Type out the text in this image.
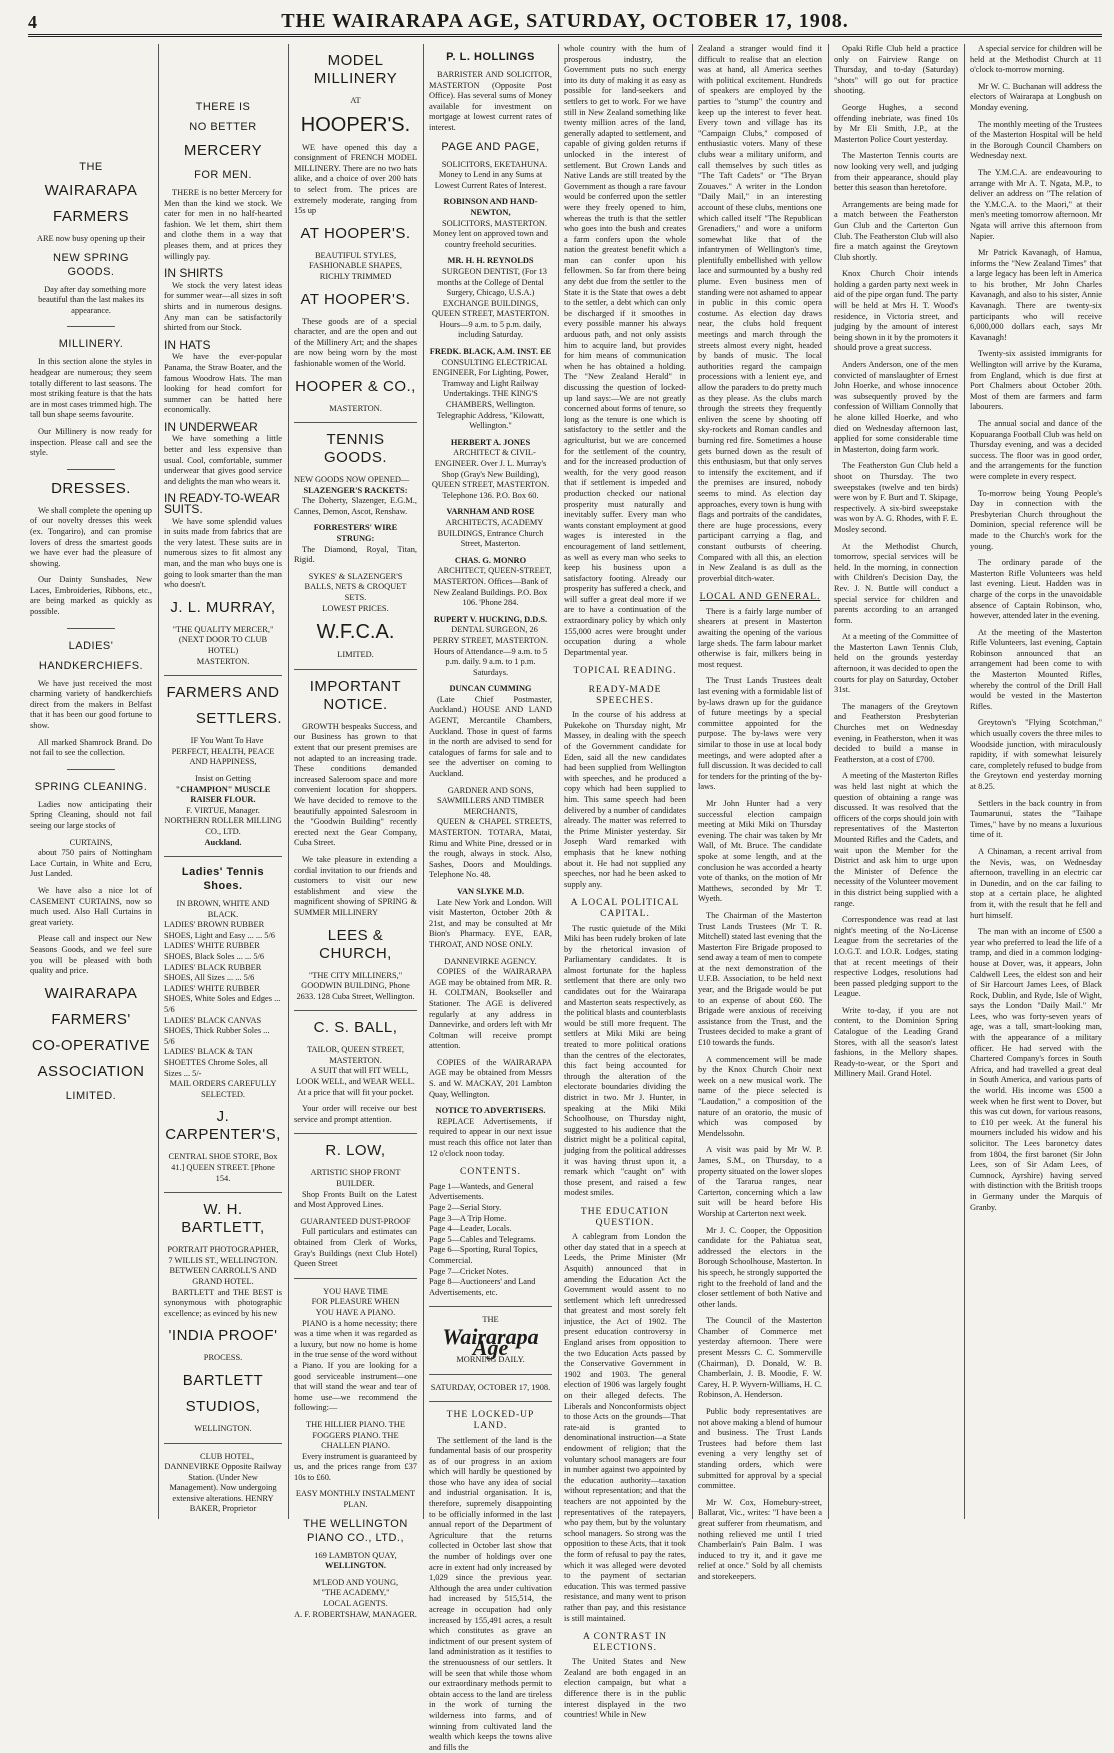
4	THE WAIRARAPA AGE, SATURDAY, OCTOBER 17, 1908.
THE
WAIRARAPA
FARMERS

ARE now busy opening up their

NEW SPRING GOODS.

Day after day something more beautiful than the last makes its appearance.

MILLINERY.

In this section alone the styles in headgear are numerous; they seem totally different to last seasons. The most striking feature is that the hats are in most cases trimmed high. The tall bun shape seems favourite.

Our Millinery is now ready for inspection. Please call and see the style.

DRESSES.

We shall complete the opening up of our novelty dresses this week (ex. Tongariro), and can promise lovers of dress the smartest goods we have ever had the pleasure of showing.

Our Dainty Sunshades, New Laces, Embroideries, Ribbons, etc., are being marked as quickly as possible.

LADIES'
HANDKERCHIEFS.

We have just received the most charming variety of handkerchiefs direct from the makers in Belfast that it has been our good fortune to show.

All marked Shamrock Brand. Do not fail to see the collection.

SPRING CLEANING.

Ladies now anticipating their Spring Cleaning, should not fail seeing our large stocks of

CURTAINS,

about 750 pairs of Nottingham Lace Curtain, in White and Ecru, Just Landed.

We have also a nice lot of CASEMENT CURTAINS, now so much used. Also Hall Curtains in great variety.

Please call and inspect our New Seasons Goods, and we feel sure you will be pleased with both quality and price.

WAIRARAPA
FARMERS'
CO-OPERATIVE
ASSOCIATION
LIMITED.
THERE IS
NO BETTER
MERCERY
FOR MEN.

THERE is no better Mercery for Men than the kind we stock. We cater for men in no half-hearted fashion. We let them, shirt them and clothe them in a way that pleases them, and at prices they willingly pay.

IN SHIRTS

We stock the very latest ideas for summer wear—all sizes in soft shirts and in numerous designs. Any man can be satisfactorily shirted from our Stock.

IN HATS

We have the ever-popular Panama, the Straw Boater, and the famous Woodrow Hats. The man looking for head comfort for summer can be hatted here economically.

IN UNDERWEAR

We have something a little better and less expensive than usual. Cool, comfortable, summer underwear that gives good service and delights the man who wears it.

IN READY-TO-WEAR SUITS.

We have some splendid values in suits made from fabrics that are the very latest. These suits are in numerous sizes to fit almost any man, and the man who buys one is going to look smarter than the man who doesn't.

J. L. MURRAY,
"THE QUALITY MERCER,"
(NEXT DOOR TO CLUB HOTEL)
MASTERTON.
FARMERS AND
SETTLERS.

IF You Want To Have PERFECT, HEALTH, PEACE AND HAPPINESS,

Insist on Getting
"CHAMPION" MUSCLE RAISER FLOUR.
F. VIRTUE, Manager.
NORTHERN ROLLER MILLING CO., LTD.
Auckland.
Ladies' Tennis Shoes.
IN BROWN, WHITE AND BLACK.
LADIES' BROWN RUBBER SHOES, Light and Easy ... ... 5/6
LADIES' WHITE RUBBER SHOES, Black Soles ... ... 5/6
LADIES' BLACK RUBBER SHOES, All Sizes ... ... 5/6
LADIES' WHITE RUBBER SHOES, White Soles and Edges ... 5/6
LADIES' BLACK CANVAS SHOES, Thick Rubber Soles ... 5/6
LADIES' BLACK & TAN SHOETTES Chrome Soles, all Sizes ... 5/-
MAIL ORDERS CAREFULLY SELECTED.
J. CARPENTER'S,
CENTRAL SHOE STORE, Box 41.] QUEEN STREET. [Phone 154.
W. H. BARTLETT,
PORTRAIT PHOTOGRAPHER,
7 WILLIS ST., WELLINGTON. BETWEEN CARROLL'S AND GRAND HOTEL.

BARTLETT and THE BEST is synonymous with photographic excellence; as evinced by his new

'INDIA PROOF'
PROCESS.
BARTLETT
STUDIOS,
WELLINGTON.

CLUB HOTEL, DANNEVIRKE Opposite Railway Station. (Under New Management). Now undergoing extensive alterations. HENRY BAKER, Proprietor

MODEL MILLINERY
AT
HOOPER'S.

WE have opened this day a consignment of FRENCH MODEL MILLINERY. There are no two hats alike, and a choice of over 200 hats to select from. The prices are extremely moderate, ranging from 15s up

AT HOOPER'S.
BEAUTIFUL STYLES, FASHIONABLE SHAPES, RICHLY TRIMMED
AT HOOPER'S.

These goods are of a special character, and are the open and out of the Millinery Art; and the shapes are now being worn by the most fashionable women of the World.

HOOPER & CO.,
MASTERTON.
TENNIS GOODS.
NEW GOODS NOW OPENED—
SLAZENGER'S RACKETS:

The Doherty, Slazenger, E.G.M., Cannes, Demon, Ascot, Renshaw.

FORRESTERS' WIRE STRUNG:

The Diamond, Royal, Titan, Rigid.

SYKES' & SLAZENGER'S BALLS, NETS & CROQUET SETS.
LOWEST PRICES.
W.F.C.A.
LIMITED.
IMPORTANT NOTICE.

GROWTH bespeaks Success, and our Business has grown to that extent that our present premises are not adapted to an increasing trade. These conditions demanded increased Saleroom space and more convenient location for shoppers. We have decided to remove to the beautifully appointed Salesroom in the "Goodwin Building" recently erected next the Gear Company, Cuba Street.

We take pleasure in extending a cordial invitation to our friends and customers to visit our new establishment and view the magnificent showing of SPRING & SUMMER MILLINERY

LEES & CHURCH,
"THE CITY MILLINERS,"
GOODWIN BUILDING, Phone 2633. 128 Cuba Street, Wellington.
C. S. BALL,
TAILOR, QUEEN STREET, MASTERTON.

A SUIT that will FIT WELL, LOOK WELL, and WEAR WELL. At a price that will fit your pocket.

Your order will receive our best service and prompt attention.

R. LOW,
ARTISTIC SHOP FRONT BUILDER.

Shop Fronts Built on the Latest and Most Approved Lines.

GUARANTEED DUST-PROOF

Full particulars and estimates can obtained from Clerk of Works, Gray's Buildings (next Club Hotel) Queen Street

YOU HAVE TIME
FOR PLEASURE WHEN
YOU HAVE A PIANO.

PIANO is a home necessity; there was a time when it was regarded as a luxury, but now no home is home in the true sense of the word without a Piano. If you are looking for a good serviceable instrument—one that will stand the wear and tear of home use—we recommend the following:—

THE HILLIER PIANO. THE FOGGERS PIANO. THE CHALLEN PIANO.

Every instrument is guaranteed by us, and the prices range from £37 10s to £60.

EASY MONTHLY INSTALMENT PLAN.
THE WELLINGTON PIANO CO., LTD.,
169 LAMBTON QUAY,
WELLINGTON.
M'LEOD AND YOUNG,
"THE ACADEMY,"
LOCAL AGENTS.
A. F. ROBERTSHAW, MANAGER.
P. L. HOLLINGS

BARRISTER AND SOLICITOR, MASTERTON (Opposite Post Office). Has several sums of Money available for investment on mortgage at lowest current rates of interest.

PAGE AND PAGE,

SOLICITORS, EKETAHUNA. Money to Lend in any Sums at Lowest Current Rates of Interest.

ROBINSON AND HAND-NEWTON,

SOLICITORS, MASTERTON. Money lent on approved town and country freehold securities.

MR. H. H. REYNOLDS

SURGEON DENTIST, (For 13 months at the College of Dental Surgery, Chicago, U.S.A.) EXCHANGE BUILDINGS, QUEEN STREET, MASTERTON. Hours—9 a.m. to 5 p.m. daily, including Saturday.

FREDK. BLACK, A.M. INST. EE

CONSULTING ELECTRICAL ENGINEER, For Lighting, Power, Tramway and Light Railway Undertakings. THE KING'S CHAMBERS, Wellington. Telegraphic Address, "Kilowatt, Wellington."

HERBERT A. JONES

ARCHITECT & CIVIL-ENGINEER. Over J. L. Murray's Shop (Gray's New Building), QUEEN STREET, MASTERTON. Telephone 136. P.O. Box 60.

VARNHAM AND ROSE

ARCHITECTS, ACADEMY BUILDINGS, Entrance Church Street, Masterton.

CHAS. G. MONRO

ARCHITECT, QUEEN-STREET, MASTERTON. Offices—Bank of New Zealand Buildings. P.O. Box 106. 'Phone 284.

RUPERT V. HUCKING, D.D.S.

DENTAL SURGEON, 26 PERRY STREET, MASTERTON. Hours of Attendance—9 a.m. to 5 p.m. daily. 9 a.m. to 1 p.m. Saturdays.

DUNCAN CUMMING

(Late Chief Postmaster, Auckland.) HOUSE AND LAND AGENT, Mercantile Chambers, Auckland. Those in quest of farms in the north are advised to send for catalogues of farms for sale and to see the advertiser on coming to Auckland.

GARDNER AND SONS, SAWMILLERS AND TIMBER MERCHANTS,

QUEEN & CHAPEL STREETS, MASTERTON. TOTARA, Matai, Rimu and White Pine, dressed or in the rough, always in stock. Also, Sashes, Doors and Mouldings. Telephone No. 48.

VAN SLYKE M.D.

Late New York and London. Will visit Masterton, October 20th & 21st, and may be consulted at Mr Bion's Pharmacy. EYE, EAR, THROAT, AND NOSE ONLY.

DANNEVIRKE AGENCY.

COPIES of the WAIRARAPA AGE may be obtained from MR. R. H. COLTMAN, Bookseller and Stationer. The AGE is delivered regularly at any address in Dannevirke, and orders left with Mr Coltman will receive prompt attention.

COPIES of the WAIRARAPA AGE may be obtained from Messrs S. and W. MACKAY, 201 Lambton Quay, Wellington.

NOTICE TO ADVERTISERS.

REPLACE Advertisements, if required to appear in our next issue must reach this office not later than 12 o'clock noon today.

CONTENTS.
Page 1—Wanteds, and General Advertisements.
Page 2—Serial Story.
Page 3—A Trip Home.
Page 4—Leader, Locals.
Page 5—Cables and Telegrams.
Page 6—Sporting, Rural Topics, Commercial.
Page 7—Cricket Notes.
Page 8—Auctioneers' and Land Advertisements, etc.
THE
Wairarapa Age
MORNING DAILY.
SATURDAY, OCTOBER 17, 1908.
THE LOCKED-UP LAND.

The settlement of the land is the fundamental basis of our prosperity as of our progress in an axiom which will hardly be questioned by those who have any idea of social and industrial organisation. It is, therefore, supremely disappointing to be officially informed in the last annual report of the Department of Agriculture that the returns collected in October last show that the number of holdings over one acre in extent had only increased by 1,029 since the previous year. Although the area under cultivation had increased by 515,514, the acreage in occupation had only increased by 155,491 acres, a result which constitutes as grave an indictment of our present system of land administration as it testifies to the strenuousness of our settlers. It will be seen that while those whom our extraordinary methods permit to obtain access to the land are tireless in the work of turning the wilderness into farms, and of winning from cultivated land the wealth which keeps the towns alive and fills the

whole country with the hum of prosperous industry, the Government puts no such energy into its duty of making it as easy as possible for land-seekers and settlers to get to work. For we have still in New Zealand something like twenty million acres of the land, generally adapted to settlement, and capable of giving golden returns if unlocked in the interest of settlement. But Crown Lands and Native Lands are still treated by the Government as though a rare favour would be conferred upon the settler were they freely opened to him, whereas the truth is that the settler who goes into the bush and creates a farm confers upon the whole nation the greatest benefit which a man can confer upon his fellowmen. So far from there being any debt due from the settler to the State it is the State that owes a debt to the settler, a debt which can only be discharged if it smoothes in every possible manner his always arduous path, and not only assists him to acquire land, but provides for him means of communication when he has obtained a holding. The "New Zealand Herald" in discussing the question of locked-up land says:—We are not greatly concerned about forms of tenure, so long as the tenure is one which is satisfactory to the settler and the agriculturist, but we are concerned for the settlement of the country, and for the increased production of wealth, for the very good reason that if settlement is impeded and production checked our national prosperity must naturally and inevitably suffer. Every man who wants constant employment at good wages is interested in the encouragement of land settlement, as well as every man who seeks to keep his business upon a satisfactory footing. Already our prosperity has suffered a check, and will suffer a great deal more if we are to have a continuation of the extraordinary policy by which only 155,000 acres were brought under occupation during a whole Departmental year.

TOPICAL READING.
READY-MADE SPEECHES.

In the course of his address at Pukekohe on Thursday night, Mr Massey, in dealing with the speech of the Government candidate for Eden, said all the new candidates had been supplied from Wellington with speeches, and he produced a copy which had been supplied to him. This same speech had been delivered by a number of candidates already. The matter was referred to the Prime Minister yesterday. Sir Joseph Ward remarked with emphasis that he knew nothing about it. He had not supplied any speeches, nor had he been asked to supply any.

A LOCAL POLITICAL CAPITAL.

The rustic quietude of the Miki Miki has been rudely broken of late by the rhetorical invasion of Parliamentary candidates. It is almost fortunate for the hapless settlement that there are only two candidates out for the Wairarapa and Masterton seats respectively, as the political blasts and counterblasts would be still more frequent. The settlers at Miki Miki are being treated to more political orations than the centres of the electorates, this fact being accounted for through the alteration of the electorate boundaries dividing the district in two. Mr J. Hunter, in speaking at the Miki Miki Schoolhouse, on Thursday night, suggested to his audience that the district might be a political capital, judging from the political addresses it was having thrust upon it, a remark which "caught on" with those present, and raised a few modest smiles.

THE EDUCATION QUESTION.

A cablegram from London the other day stated that in a speech at Leeds, the Prime Minister (Mr Asquith) announced that in amending the Education Act the Government would assent to no settlement which left unredressed that greatest and most sorely felt injustice, the Act of 1902. The present education controversy in England arises from opposition to the two Education Acts passed by the Conservative Government in 1902 and 1903. The general election of 1906 was largely fought on their alleged defects. The Liberals and Nonconformists object to those Acts on the grounds—That rate-aid is granted to denominational instruction—a State endowment of religion; that the voluntary school managers are four in number against two appointed by the education authority—taxation without representation; and that the teachers are not appointed by the representatives of the ratepayers, who pay them, but by the voluntary school managers. So strong was the opposition to these Acts, that it took the form of refusal to pay the rates, which it was alleged were devoted to the payment of sectarian education. This was termed passive resistance, and many went to prison rather than pay, and this resistance is still maintained.

A CONTRAST IN ELECTIONS.

The United States and New Zealand are both engaged in an election campaign, but what a difference there is in the public interest displayed in the two countries! While in New

Zealand a stranger would find it difficult to realise that an election was at hand, all America seethes with political excitement. Hundreds of speakers are employed by the parties to "stump" the country and keep up the interest to fever heat. Every town and village has its "Campaign Clubs," composed of enthusiastic voters. Many of these clubs wear a military uniform, and call themselves by such titles as "The Taft Cadets" or "The Bryan Zouaves." A writer in the London "Daily Mail," in an interesting account of these clubs, mentions one which called itself "The Republican Grenadiers," and wore a uniform somewhat like that of the infantrymen of Wellington's time, plentifully embellished with yellow lace and surmounted by a bushy red plume. Even business men of standing were not ashamed to appear in public in this comic opera costume. As election day draws near, the clubs hold frequent meetings and march through the streets almost every night, headed by bands of music. The local authorities regard the campaign processions with a lenient eye, and allow the paraders to do pretty much as they please. As the clubs march through the streets they frequently enliven the scene by shooting off sky-rockets and Roman candles and burning red fire. Sometimes a house gets burned down as the result of this enthusiasm, but that only serves to intensify the excitement, and if the premises are insured, nobody seems to mind. As election day approaches, every town is hung with flags and portraits of the candidates, there are huge processions, every participant carrying a flag, and constant outbursts of cheering. Compared with all this, an election in New Zealand is as dull as the proverbial ditch-water.

LOCAL AND GENERAL.

There is a fairly large number of shearers at present in Masterton awaiting the opening of the various large sheds. The farm labour market otherwise is fair, milkers being in most request.

The Trust Lands Trustees dealt last evening with a formidable list of by-laws drawn up for the guidance of future meetings by a special committee appointed for the purpose. The by-laws were very similar to those in use at local body meetings, and were adopted after a full discussion. It was decided to call for tenders for the printing of the by-laws.

Mr John Hunter had a very successful election campaign meeting at Miki Miki on Thursday evening. The chair was taken by Mr Wall, of Mt. Bruce. The candidate spoke at some length, and at the conclusion he was accorded a hearty vote of thanks, on the motion of Mr Matthews, seconded by Mr T. Wyeth.

The Chairman of the Masterton Trust Lands Trustees (Mr T. R. Mitchell) stated last evening that the Masterton Fire Brigade proposed to send away a team of men to compete at the next demonstration of the U.F.B. Association, to be held next year, and the Brigade would be put to an expense of about £60. The Brigade were anxious of receiving assistance from the Trust, and the Trustees decided to make a grant of £10 towards the funds.

A commencement will be made by the Knox Church Choir next week on a new musical work. The name of the piece selected is "Laudation," a composition of the nature of an oratorio, the music of which was composed by Mendelssohn.

A visit was paid by Mr W. P. James, S.M., on Thursday, to a property situated on the lower slopes of the Tararua ranges, near Carterton, concerning which a law suit will be heard before His Worship at Carterton next week.

Mr J. C. Cooper, the Opposition candidate for the Pahiatua seat, addressed the electors in the Borough Schoolhouse, Masterton. In his speech, he strongly supported the right to the freehold of land and the closer settlement of both Native and other lands.

The Council of the Masterton Chamber of Commerce met yesterday afternoon. There were present Messrs C. C. Sommerville (Chairman), D. Donald, W. B. Chamberlain, J. B. Moodie, F. W. Carey, H. P. Wyvern-Williams, H. C. Robinson, A. Henderson.

Public body representatives are not above making a blend of humour and business. The Trust Lands Trustees had before them last evening a very lengthy set of standing orders, which were submitted for approval by a special committee.

Mr W. Cox, Homebury-street, Ballarat, Vic., writes: "I have been a great sufferer from rheumatism, and nothing relieved me until I tried Chamberlain's Pain Balm. I was induced to try it, and it gave me relief at once." Sold by all chemists and storekeepers.

Opaki Rifle Club held a practice only on Fairview Range on Thursday, and to-day (Saturday) "shots" will go out for practice shooting.

George Hughes, a second offending inebriate, was fined 10s by Mr Eli Smith, J.P., at the Masterton Police Court yesterday.

The Masterton Tennis courts are now looking very well, and judging from their appearance, should play better this season than heretofore.

Arrangements are being made for a match between the Featherston Gun Club and the Carterton Gun Club. The Featherston Club will also fire a match against the Greytown Club shortly.

Knox Church Choir intends holding a garden party next week in aid of the pipe organ fund. The party will be held at Mrs H. T. Wood's residence, in Victoria street, and judging by the amount of interest being shown in it by the promoters it should prove a great success.

Anders Anderson, one of the men convicted of manslaughter of Ernest John Hoerke, and whose innocence was subsequently proved by the confession of William Connolly that he alone killed Hoerke, and who died on Wednesday afternoon last, applied for some considerable time in Masterton, doing farm work.

The Featherston Gun Club held a shoot on Thursday. The two sweepstakes (twelve and ten birds) were won by F. Burt and T. Skipage, respectively. A six-bird sweepstake was won by A. G. Rhodes, with F. E. Mosley second.

At the Methodist Church, tomorrow, special services will be held. In the morning, in connection with Children's Decision Day, the Rev. J. N. Buttle will conduct a special service for children and parents according to an arranged form.

At a meeting of the Committee of the Masterton Lawn Tennis Club, held on the grounds yesterday afternoon, it was decided to open the courts for play on Saturday, October 31st.

The managers of the Greytown and Featherston Presbyterian Churches met on Wednesday evening, in Featherston, when it was decided to build a manse in Featherston, at a cost of £700.

A meeting of the Masterton Rifles was held last night at which the question of obtaining a range was discussed. It was resolved that the officers of the corps should join with representatives of the Masterton Mounted Rifles and the Cadets, and wait upon the Member for the District and ask him to urge upon the Minister of Defence the necessity of the Volunteer movement in this district being supplied with a range.

Correspondence was read at last night's meeting of the No-License League from the secretaries of the I.O.G.T. and I.O.R. Lodges, stating that at recent meetings of their respective Lodges, resolutions had been passed pledging support to the League.

Write to-day, if you are not content, to the Dominion Spring Catalogue of the Leading Grand Stores, with all the season's latest fashions, in the Mellory shapes. Ready-to-wear, or the Sport and Millinery Mail. Grand Hotel.

A special service for children will be held at the Methodist Church at 11 o'clock to-morrow morning.

Mr W. C. Buchanan will address the electors of Wairarapa at Longbush on Monday evening.

The monthly meeting of the Trustees of the Masterton Hospital will be held in the Borough Council Chambers on Wednesday next.

The Y.M.C.A. are endeavouring to arrange with Mr A. T. Ngata, M.P., to deliver an address on "The relation of the Y.M.C.A. to the Maori," at their men's meeting tomorrow afternoon. Mr Ngata will arrive this afternoon from Napier.

Mr Patrick Kavanagh, of Hamua, informs the "New Zealand Times" that a large legacy has been left in America to his brother, Mr John Charles Kavanagh, and also to his sister, Annie Kavanagh. There are twenty-six participants who will receive 6,000,000 dollars each, says Mr Kavanagh!

Twenty-six assisted immigrants for Wellington will arrive by the Kurama, from England, which is due first at Port Chalmers about October 20th. Most of them are farmers and farm labourers.

The annual social and dance of the Kopuaranga Football Club was held on Thursday evening, and was a decided success. The floor was in good order, and the arrangements for the function were complete in every respect.

To-morrow being Young People's Day in connection with the Presbyterian Church throughout the Dominion, special reference will be made to the Church's work for the young.

The ordinary parade of the Masterton Rifle Volunteers was held last evening. Lieut. Hadden was in charge of the corps in the unavoidable absence of Captain Robinson, who, however, attended later in the evening.

At the meeting of the Masterton Rifle Volunteers, last evening, Captain Robinson announced that an arrangement had been come to with the Masterton Mounted Rifles, whereby the control of the Drill Hall would be vested in the Masterton Rifles.

Greytown's "Flying Scotchman," which usually covers the three miles to Woodside junction, with miraculously rapidity, if with somewhat leisurely care, completely refused to budge from the Greytown end yesterday morning at 8.25.

Settlers in the back country in from Taumarunui, states the "Taihape Times," have by no means a luxurious time of it.

A Chinaman, a recent arrival from the Nevis, was, on Wednesday afternoon, travelling in an electric car in Dunedin, and on the car failing to stop at a certain place, he alighted from it, with the result that he fell and hurt himself.

The man with an income of £500 a year who preferred to lead the life of a tramp, and died in a common lodging-house at Dover, was, it appears, John Caldwell Lees, the eldest son and heir of Sir Harcourt James Lees, of Black Rock, Dublin, and Ryde, Isle of Wight, says the London "Daily Mail." Mr Lees, who was forty-seven years of age, was a tall, smart-looking man, with the appearance of a military officer. He had served with the Chartered Company's forces in South Africa, and had travelled a great deal in South America, and various parts of the world. His income was £500 a week when he first went to Dover, but this was cut down, for various reasons, to £10 per week. At the funeral his mourners included his widow and his solicitor. The Lees baronetcy dates from 1804, the first baronet (Sir John Lees, son of Sir Adam Lees, of Cumnock, Ayrshire) having served with distinction with the British troops in Germany under the Marquis of Granby.
